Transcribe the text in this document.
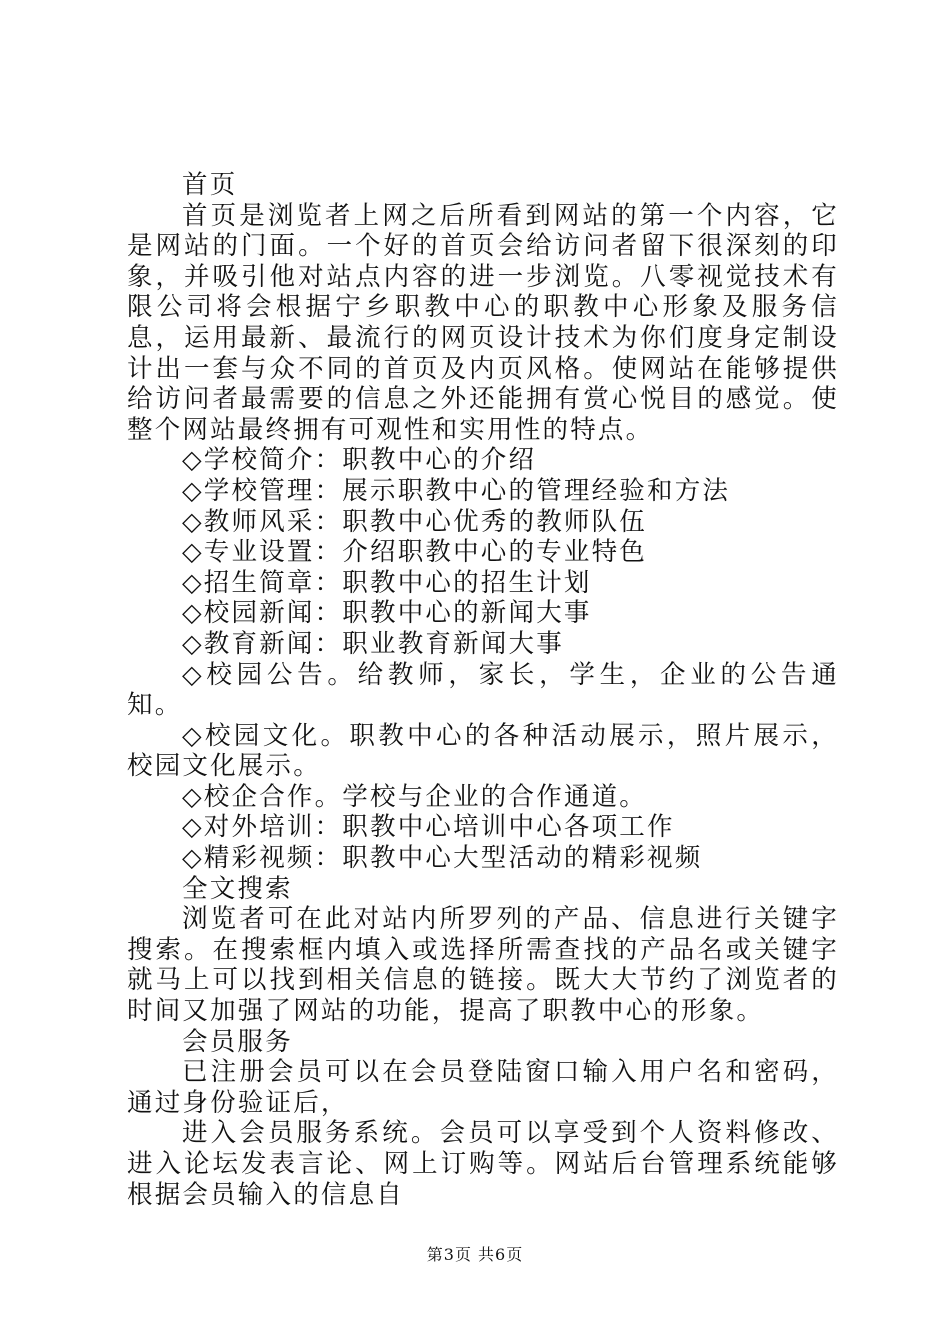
首页

首页是浏览者上网之后所看到网站的第一个内容，它是网站的门面。一个好的首页会给访问者留下很深刻的印象，并吸引他对站点内容的进一步浏览。八零视觉技术有限公司将会根据宁乡职教中心的职教中心形象及服务信息，运用最新、最流行的网页设计技术为你们度身定制设计出一套与众不同的首页及内页风格。使网站在能够提供给访问者最需要的信息之外还能拥有赏心悦目的感觉。使整个网站最终拥有可观性和实用性的特点。

◇学校简介：职教中心的介绍

◇学校管理：展示职教中心的管理经验和方法

◇教师风采：职教中心优秀的教师队伍

◇专业设置：介绍职教中心的专业特色

◇招生简章：职教中心的招生计划

◇校园新闻：职教中心的新闻大事

◇教育新闻：职业教育新闻大事

◇校园公告。给教师，家长，学生，企业的公告通知。

◇校园文化。职教中心的各种活动展示，照片展示，校园文化展示。

◇校企合作。学校与企业的合作通道。

◇对外培训：职教中心培训中心各项工作

◇精彩视频：职教中心大型活动的精彩视频

全文搜索

浏览者可在此对站内所罗列的产品、信息进行关键字搜索。在搜索框内填入或选择所需查找的产品名或关键字就马上可以找到相关信息的链接。既大大节约了浏览者的时间又加强了网站的功能，提高了职教中心的形象。

会员服务

已注册会员可以在会员登陆窗口输入用户名和密码，通过身份验证后，

进入会员服务系统。会员可以享受到个人资料修改、进入论坛发表言论、网上订购等。网站后台管理系统能够根据会员输入的信息自

第3页 共6页
